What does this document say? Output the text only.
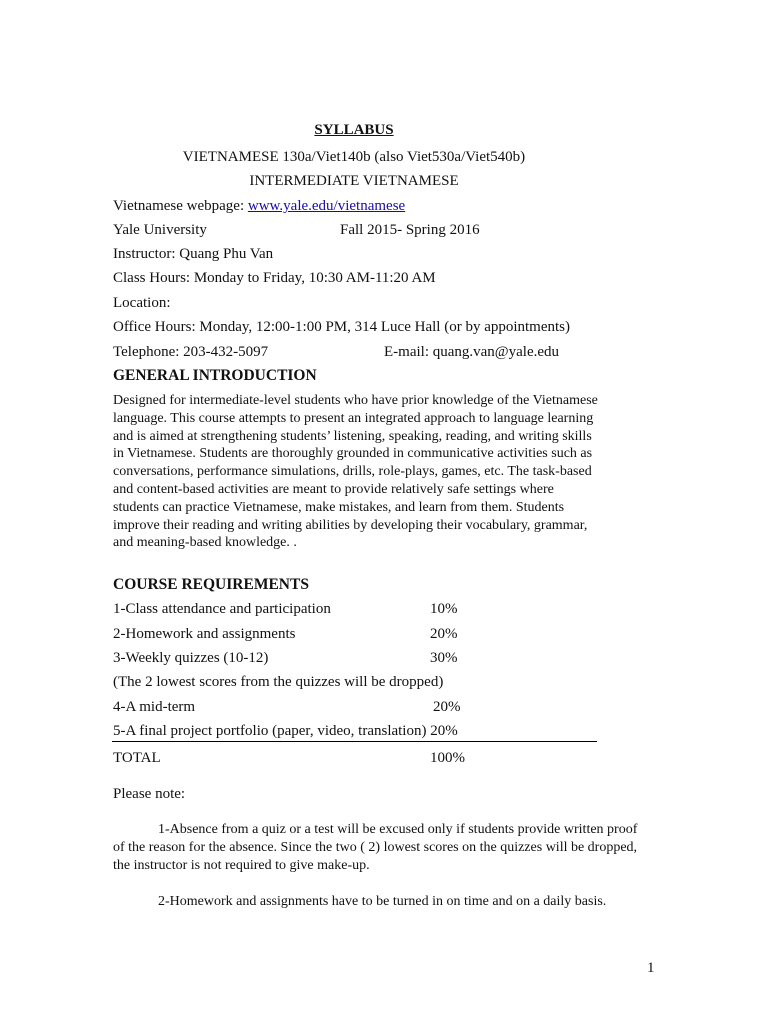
SYLLABUS
VIETNAMESE 130a/Viet140b (also Viet530a/Viet540b)
INTERMEDIATE VIETNAMESE
Vietnamese webpage: www.yale.edu/vietnamese
Yale University	Fall 2015- Spring 2016
Instructor: Quang Phu Van
Class Hours: Monday to Friday, 10:30 AM-11:20 AM
Location:
Office Hours: Monday, 12:00-1:00 PM, 314 Luce Hall (or by appointments)
Telephone: 203-432-5097	E-mail: quang.van@yale.edu
GENERAL INTRODUCTION
Designed for intermediate-level students who have prior knowledge of the Vietnamese language. This course attempts to present an integrated approach to language learning and is aimed at strengthening students’ listening, speaking, reading, and writing skills in Vietnamese. Students are thoroughly grounded in communicative activities such as conversations, performance simulations, drills, role-plays, games, etc. The task-based and content-based activities are meant to provide relatively safe settings where students can practice Vietnamese, make mistakes, and learn from them. Students improve their reading and writing abilities by developing their vocabulary, grammar, and meaning-based knowledge. .
COURSE REQUIREMENTS
1-Class attendance and participation	10%
2-Homework and assignments	20%
3-Weekly quizzes (10-12)	30%
(The 2 lowest scores from the quizzes will be dropped)
4-A mid-term	20%
5-A final project portfolio (paper, video, translation) 20%
TOTAL	100%
Please note:
1-Absence from a quiz or a test will be excused only if students provide written proof of the reason for the absence. Since the two ( 2) lowest scores on the quizzes will be dropped, the instructor is not required to give make-up.
2-Homework and assignments have to be turned in on time and on a daily basis.
1
